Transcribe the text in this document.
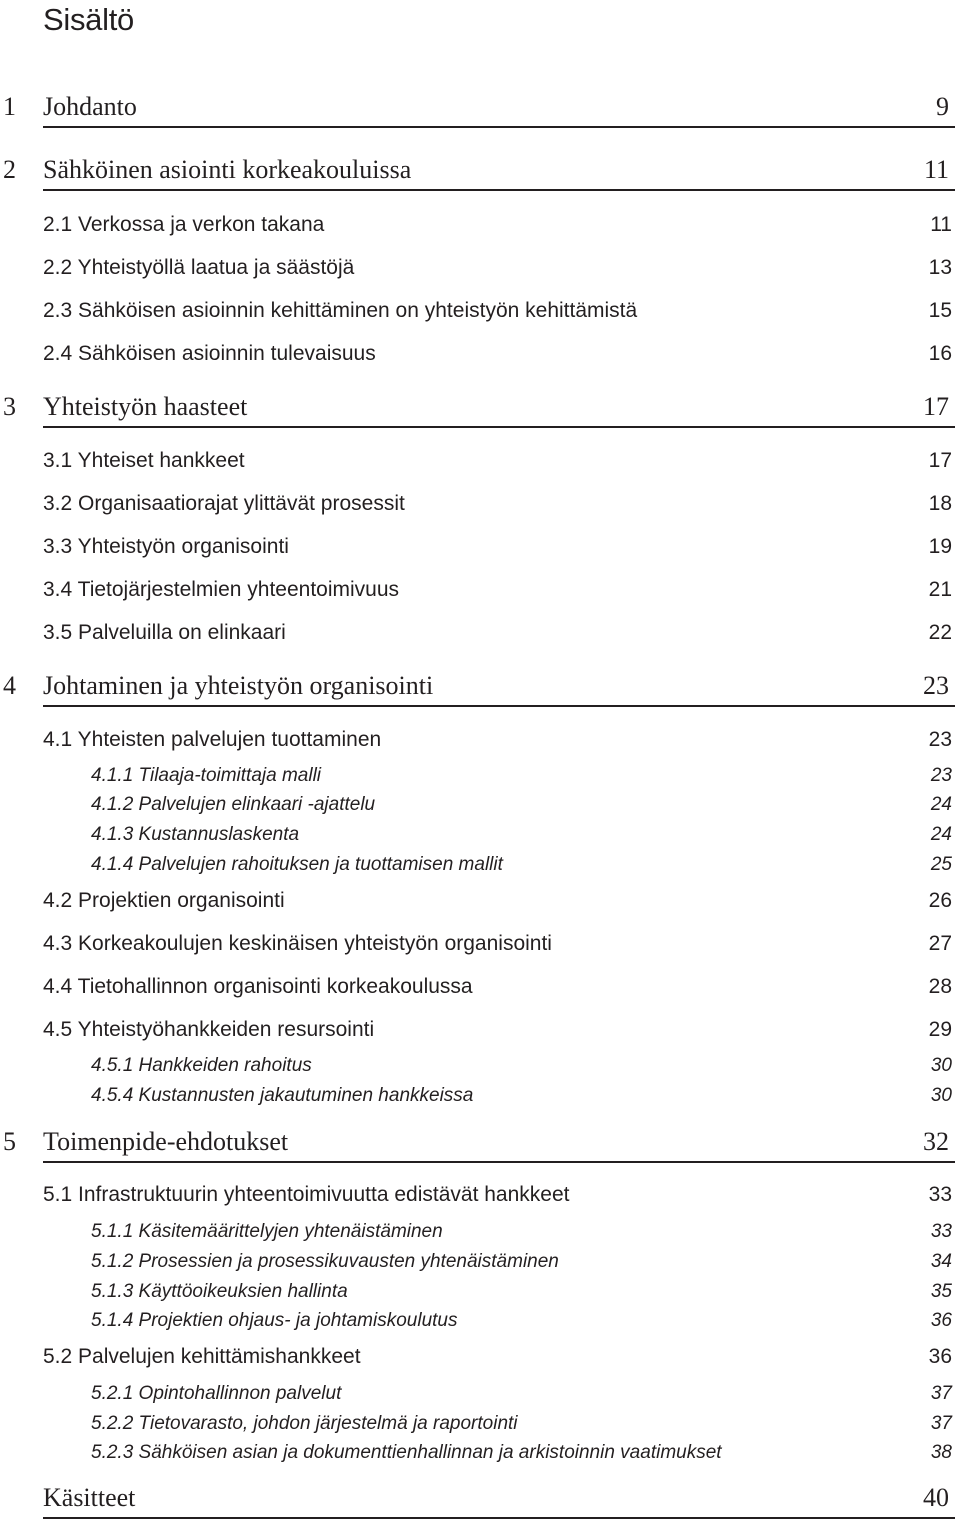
Sisältö
1 Johdanto	9
2 Sähköinen asiointi korkeakouluissa	11
2.1 Verkossa ja verkon takana	11
2.2 Yhteistyöllä laatua ja säästöjä	13
2.3 Sähköisen asioinnin kehittäminen on yhteistyön kehittämistä	15
2.4 Sähköisen asioinnin tulevaisuus	16
3 Yhteistyön haasteet	17
3.1 Yhteiset hankkeet	17
3.2 Organisaatiorajat ylittävät prosessit	18
3.3 Yhteistyön organisointi	19
3.4 Tietojärjestelmien yhteentoimivuus	21
3.5 Palveluilla on elinkaari	22
4 Johtaminen ja yhteistyön organisointi	23
4.1 Yhteisten palvelujen tuottaminen	23
4.1.1 Tilaaja-toimittaja malli	23
4.1.2 Palvelujen elinkaari -ajattelu	24
4.1.3 Kustannuslaskenta	24
4.1.4 Palvelujen rahoituksen ja tuottamisen mallit	25
4.2 Projektien organisointi	26
4.3 Korkeakoulujen keskinäisen yhteistyön organisointi	27
4.4 Tietohallinnon organisointi korkeakoulussa	28
4.5 Yhteistyöhankkeiden resursointi	29
4.5.1 Hankkeiden rahoitus	30
4.5.4 Kustannusten jakautuminen hankkeissa	30
5 Toimenpide-ehdotukset	32
5.1 Infrastruktuurin yhteentoimivuutta edistävät hankkeet	33
5.1.1 Käsitemäärittelyjen yhtenäistäminen	33
5.1.2 Prosessien ja prosessikuvausten yhtenäistäminen	34
5.1.3 Käyttöoikeuksien hallinta	35
5.1.4 Projektien ohjaus- ja johtamiskoulutus	36
5.2 Palvelujen kehittämishankkeet	36
5.2.1 Opintohallinnon palvelut	37
5.2.2 Tietovarasto, johdon järjestelmä ja raportointi	37
5.2.3 Sähköisen asian ja dokumenttienhallinnan ja arkistoinnin vaatimukset	38
Käsitteet	40
